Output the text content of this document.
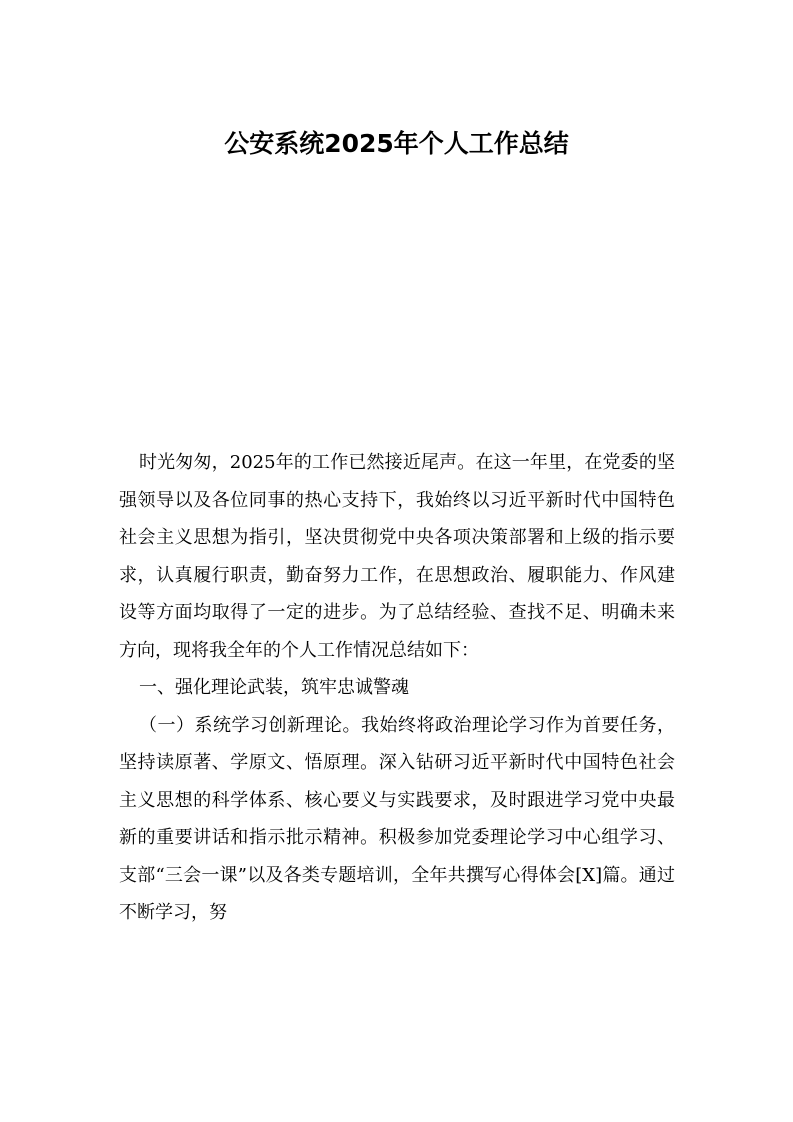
公安系统2025年个人工作总结

时光匆匆，2025年的工作已然接近尾声。在这一年里，在党委的坚强领导以及各位同事的热心支持下，我始终以习近平新时代中国特色社会主义思想为指引，坚决贯彻党中央各项决策部署和上级的指示要求，认真履行职责，勤奋努力工作，在思想政治、履职能力、作风建设等方面均取得了一定的进步。为了总结经验、查找不足、明确未来方向，现将我全年的个人工作情况总结如下：

一、强化理论武装，筑牢忠诚警魂

（一）系统学习创新理论。我始终将政治理论学习作为首要任务，坚持读原著、学原文、悟原理。深入钻研习近平新时代中国特色社会主义思想的科学体系、核心要义与实践要求，及时跟进学习党中央最新的重要讲话和指示批示精神。积极参加党委理论学习中心组学习、支部“三会一课”以及各类专题培训，全年共撰写心得体会[X]篇。通过不断学习，努
